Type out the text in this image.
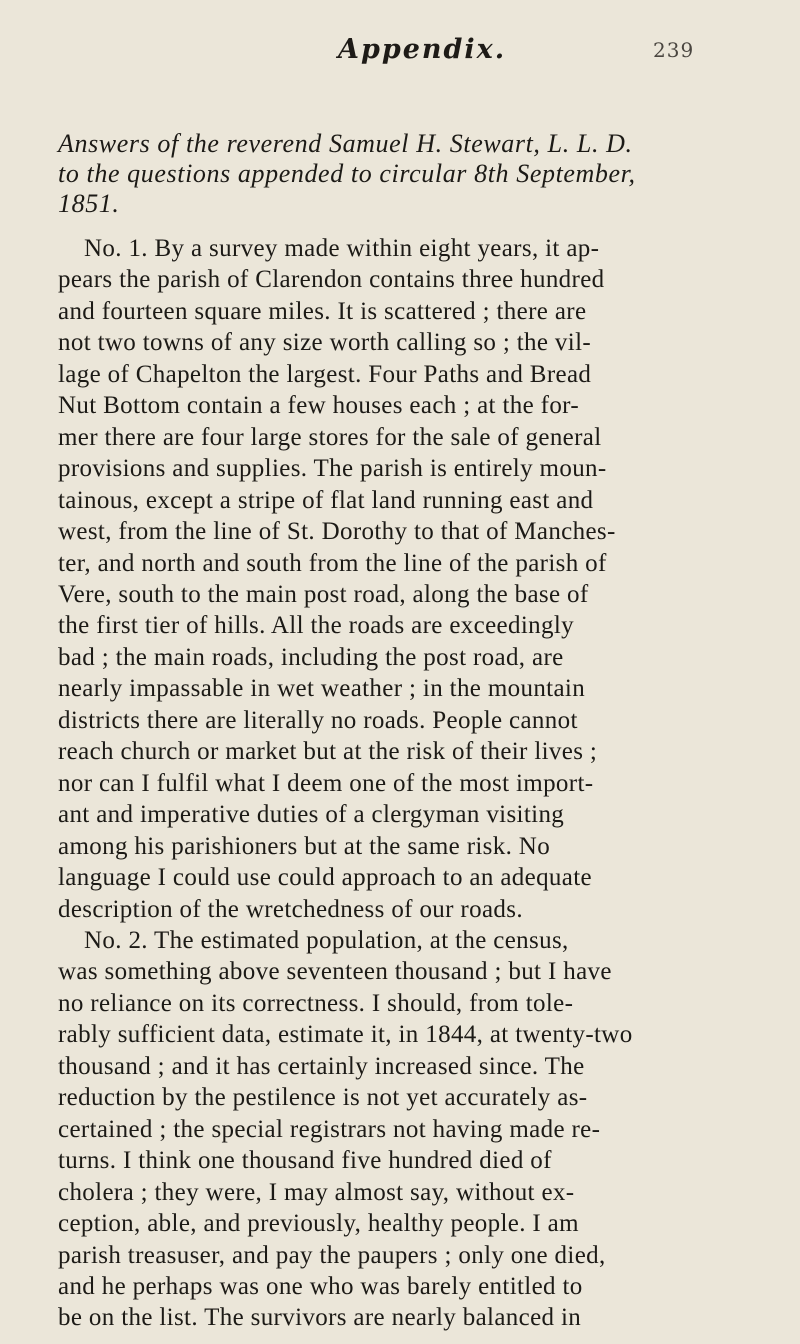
Appendix.	239
Answers of the reverend Samuel H. Stewart, L. L. D.
to the questions appended to circular 8th September,
1851.
No. 1. By a survey made within eight years, it ap-
pears the parish of Clarendon contains three hundred
and fourteen square miles. It is scattered ; there are
not two towns of any size worth calling so ; the vil-
lage of Chapelton the largest. Four Paths and Bread
Nut Bottom contain a few houses each ; at the for-
mer there are four large stores for the sale of general
provisions and supplies. The parish is entirely moun-
tainous, except a stripe of flat land running east and
west, from the line of St. Dorothy to that of Manches-
ter, and north and south from the line of the parish of
Vere, south to the main post road, along the base of
the first tier of hills. All the roads are exceedingly
bad ; the main roads, including the post road, are
nearly impassable in wet weather ; in the mountain
districts there are literally no roads. People cannot
reach church or market but at the risk of their lives ;
nor can I fulfil what I deem one of the most import-
ant and imperative duties of a clergyman visiting
among his parishioners but at the same risk. No
language I could use could approach to an adequate
description of the wretchedness of our roads.
No. 2. The estimated population, at the census,
was something above seventeen thousand ; but I have
no reliance on its correctness. I should, from tole-
rably sufficient data, estimate it, in 1844, at twenty-two
thousand ; and it has certainly increased since. The
reduction by the pestilence is not yet accurately as-
certained ; the special registrars not having made re-
turns. I think one thousand five hundred died of
cholera ; they were, I may almost say, without ex-
ception, able, and previously, healthy people. I am
parish treasuser, and pay the paupers ; only one died,
and he perhaps was one who was barely entitled to
be on the list. The survivors are nearly balanced in
